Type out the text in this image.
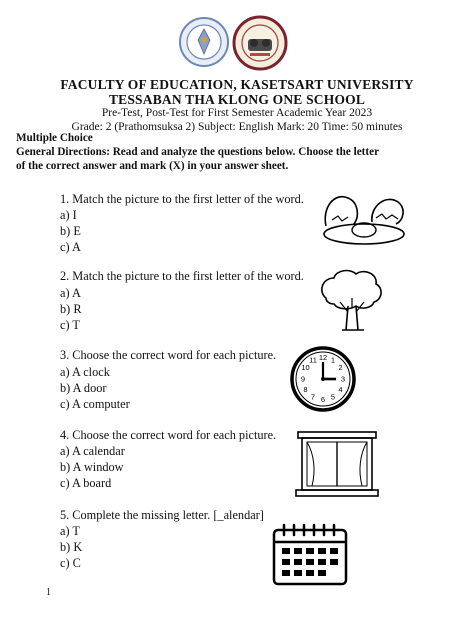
FACULTY OF EDUCATION, KASETSART UNIVERSITY
TESSABAN THA KLONG ONE SCHOOL
Pre-Test, Post-Test for First Semester Academic Year 2023
Grade: 2 (Prathomsuksa 2) Subject: English Mark: 20 Time: 50 minutes
Multiple Choice
General Directions: Read and analyze the questions below. Choose the letter
of the correct answer and mark (X) in your answer sheet.
1. Match the picture to the first letter of the word.
a) I
b) E
c) A
2. Match the picture to the first letter of the word.
a) A
b) R
c) T
3. Choose the correct word for each picture.
a) A clock
b) A door
c) A computer
12 1
2
3
4
5
6
7
8
9
10
11
4. Choose the correct word for each picture.
a) A calendar
b) A window
c) A board
5. Complete the missing letter. [_alendar]
a) T
b) K
c) C
1
